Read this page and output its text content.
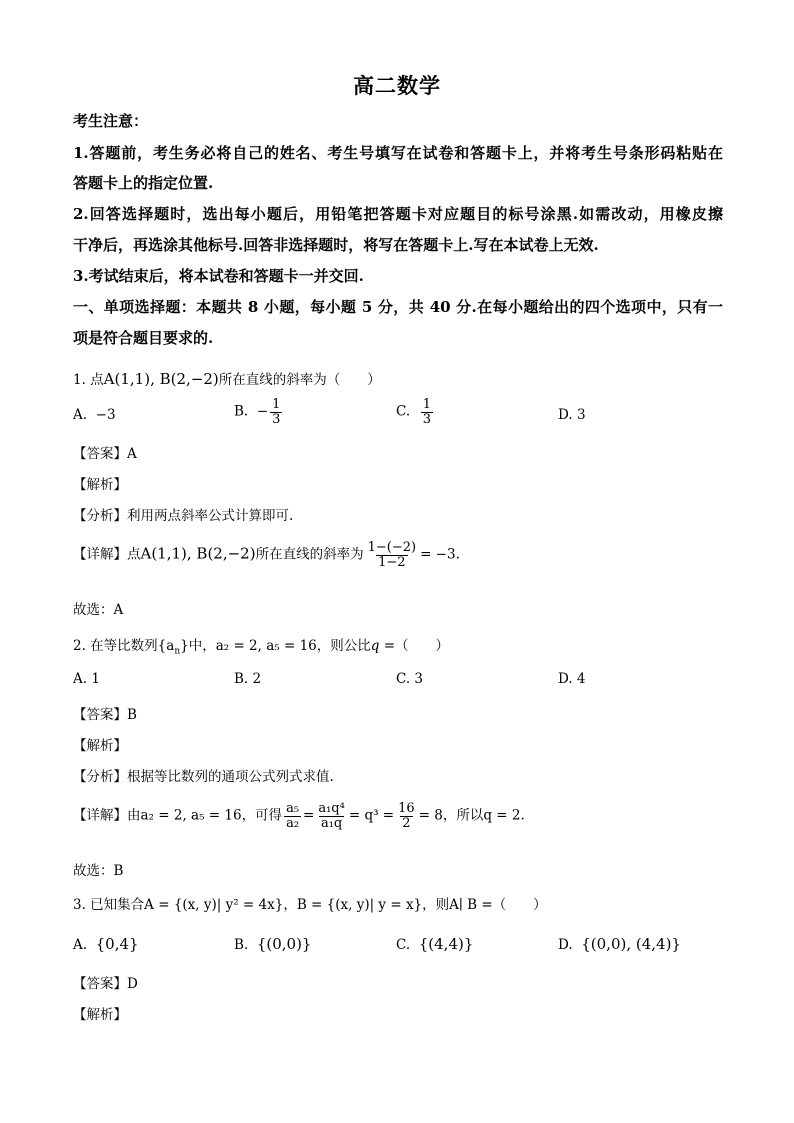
高二数学
考生注意：
1.答题前，考生务必将自己的姓名、考生号填写在试卷和答题卡上，并将考生号条形码粘贴在
答题卡上的指定位置.
2.回答选择题时，选出每小题后，用铅笔把答题卡对应题目的标号涂黑.如需改动，用橡皮擦
干净后，再选涂其他标号.回答非选择题时，将写在答题卡上.写在本试卷上无效.
3.考试结束后，将本试卷和答题卡一并交回.
一、单项选择题：本题共 8 小题，每小题 5 分，共 40 分.在每小题给出的四个选项中，只有一
项是符合题目要求的.
1. 点A(1,1), B(2,−2)所在直线的斜率为（　　）
A. −3	B. − $\frac{1}{3}$	C. $\frac{1}{3}$	D. 3
【答案】A
【解析】
【分析】利用两点斜率公式计算即可.
【详解】点A(1,1), B(2,−2)所在直线的斜率为 $\frac{1-(-2)}{1-2} = -3$.
故选：A
2. 在等比数列$\{a_n\}$中，a₂ = 2, a₅ = 16，则公比q =（　　）
A. 1	B. 2	C. 3	D. 4
【答案】B
【解析】
【分析】根据等比数列的通项公式列式求值.
【详解】由a₂ = 2, a₅ = 16，可得 $\frac{\text{a₅}}{\text{a₂}} = \frac{\text{a₁q⁴}}{\text{a₁q}} = q^3 = \frac{16}{2} = 8$，所以q = 2.
故选：B
3. 已知集合A = {(x, y)| y² = 4x}，B = {(x, y)| y = x}，则A∣ B =（　　）
A. {0,4}	B. {(0,0)}	C. {(4,4)}	D. {(0,0), (4,4)}
【答案】D
【解析】
